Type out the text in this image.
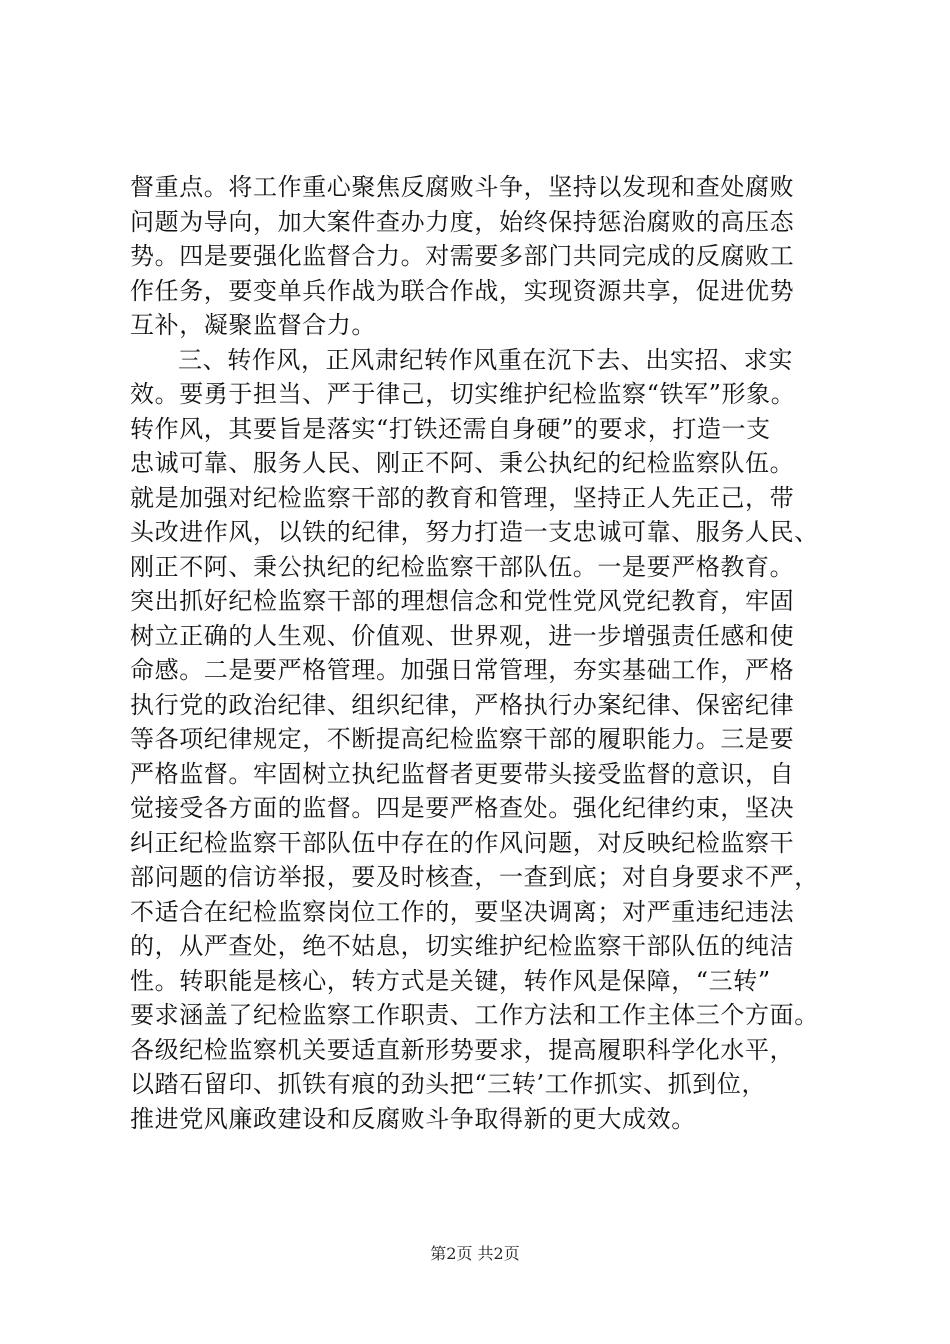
督重点。将工作重心聚焦反腐败斗争，坚持以发现和查处腐败
问题为导向，加大案件查办力度，始终保持惩治腐败的高压态
势。四是要强化监督合力。对需要多部门共同完成的反腐败工
作任务，要变单兵作战为联合作战，实现资源共享，促进优势
互补，凝聚监督合力。
三、转作风，正风肃纪转作风重在沉下去、出实招、求实
效。要勇于担当、严于律己，切实维护纪检监察“铁军”形象。
转作风，其要旨是落实“打铁还需自身硬”的要求，打造一支
忠诚可靠、服务人民、刚正不阿、秉公执纪的纪检监察队伍。
就是加强对纪检监察干部的教育和管理，坚持正人先正己，带
头改进作风，以铁的纪律，努力打造一支忠诚可靠、服务人民、
刚正不阿、秉公执纪的纪检监察干部队伍。一是要严格教育。
突出抓好纪检监察干部的理想信念和党性党风党纪教育，牢固
树立正确的人生观、价值观、世界观，进一步增强责任感和使
命感。二是要严格管理。加强日常管理，夯实基础工作，严格
执行党的政治纪律、组织纪律，严格执行办案纪律、保密纪律
等各项纪律规定，不断提高纪检监察干部的履职能力。三是要
严格监督。牢固树立执纪监督者更要带头接受监督的意识，自
觉接受各方面的监督。四是要严格查处。强化纪律约束，坚决
纠正纪检监察干部队伍中存在的作风问题，对反映纪检监察干
部问题的信访举报，要及时核查，一查到底；对自身要求不严，
不适合在纪检监察岗位工作的，要坚决调离；对严重违纪违法
的，从严查处，绝不姑息，切实维护纪检监察干部队伍的纯洁
性。转职能是核心，转方式是关键，转作风是保障，“三转”
要求涵盖了纪检监察工作职责、工作方法和工作主体三个方面。
各级纪检监察机关要适直新形势要求，提高履职科学化水平，
以踏石留印、抓铁有痕的劲头把“三转’工作抓实、抓到位，
推进党风廉政建设和反腐败斗争取得新的更大成效。
第2页 共2页
